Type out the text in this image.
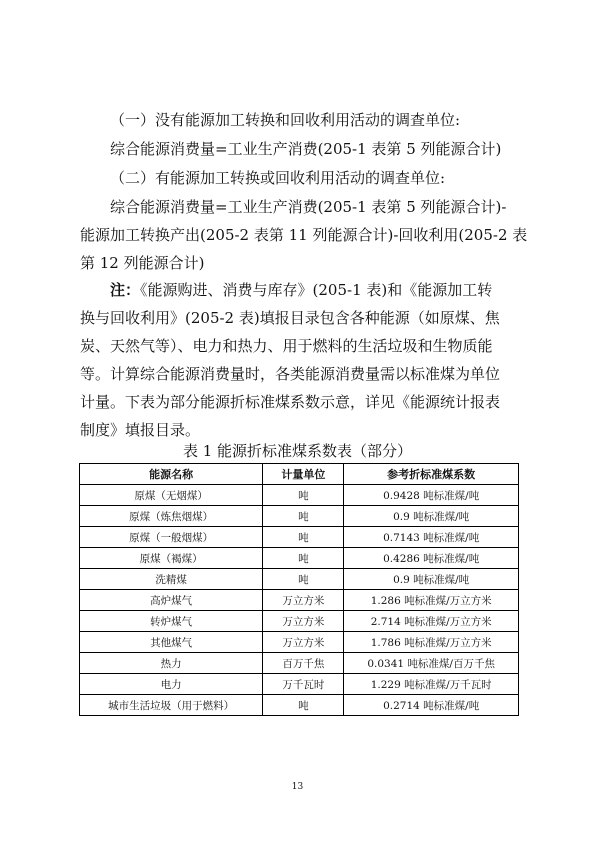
（一）没有能源加工转换和回收利用活动的调查单位:

综合能源消费量=工业生产消费(205-1 表第 5 列能源合计)

（二）有能源加工转换或回收利用活动的调查单位:

综合能源消费量=工业生产消费(205-1 表第 5 列能源合计)-
能源加工转换产出(205-2 表第 11 列能源合计)-回收利用(205-2 表
第 12 列能源合计)
注：《能源购进、消费与库存》(205-1 表)和《能源加工转
换与回收利用》(205-2 表)填报目录包含各种能源（如原煤、焦
炭、天然气等）、电力和热力、用于燃料的生活垃圾和生物质能
等。计算综合能源消费量时，各类能源消费量需以标准煤为单位
计量。下表为部分能源折标准煤系数示意，详见《能源统计报表
制度》填报目录。
表 1 能源折标准煤系数表（部分）
能源名称	计量单位	参考折标准煤系数
原煤（无烟煤）	吨	0.9428 吨标准煤/吨
原煤（炼焦烟煤）	吨	0.9 吨标准煤/吨
原煤（一般烟煤）	吨	0.7143 吨标准煤/吨
原煤（褐煤）	吨	0.4286 吨标准煤/吨
洗精煤	吨	0.9 吨标准煤/吨
高炉煤气	万立方米	1.286 吨标准煤/万立方米
转炉煤气	万立方米	2.714 吨标准煤/万立方米
其他煤气	万立方米	1.786 吨标准煤/万立方米
热力	百万千焦	0.0341 吨标准煤/百万千焦
电力	万千瓦时	1.229 吨标准煤/万千瓦时
城市生活垃圾（用于燃料）	吨	0.2714 吨标准煤/吨
13
